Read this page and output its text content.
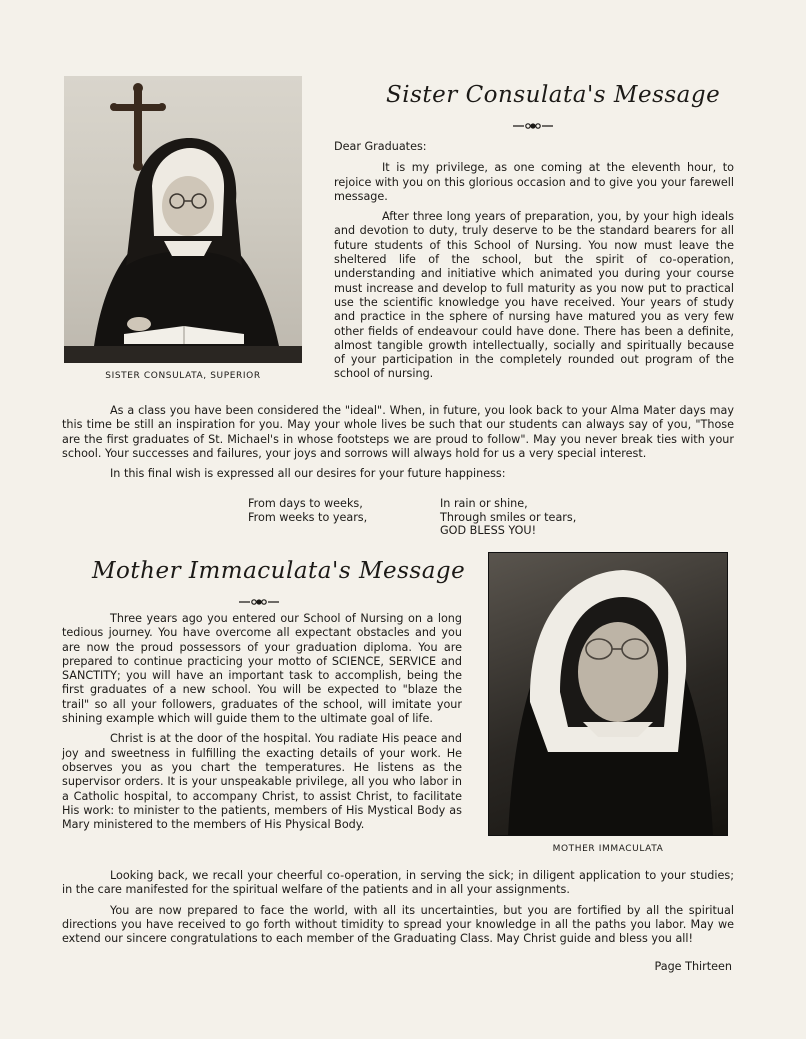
SISTER CONSULATA, SUPERIOR
Sister Consulata's Message

Dear Graduates:

It is my privilege, as one coming at the eleventh hour, to rejoice with you on this glorious occasion and to give you your farewell message.

After three long years of preparation, you, by your high ideals and devotion to duty, truly deserve to be the standard bearers for all future students of this School of Nursing. You now must leave the sheltered life of the school, but the spirit of co-operation, understanding and initiative which animated you during your course must increase and develop to full maturity as you now put to practical use the scientific knowledge you have received. Your years of study and practice in the sphere of nursing have matured you as very few other fields of endeavour could have done. There has been a definite, almost tangible growth intellectually, socially and spiritually because of your participation in the completely rounded out program of the school of nursing.

As a class you have been considered the "ideal". When, in future, you look back to your Alma Mater days may this time be still an inspiration for you. May your whole lives be such that our students can always say of you, "Those are the first graduates of St. Michael's in whose footsteps we are proud to follow". May you never break ties with your school. Your successes and failures, your joys and sorrows will always hold for us a very special interest.

In this final wish is expressed all our desires for your future happiness:

From days to weeks,
From weeks to years,
In rain or shine,
Through smiles or tears,
GOD BLESS YOU!
Mother Immaculata's Message
MOTHER IMMACULATA

Three years ago you entered our School of Nursing on a long tedious journey. You have overcome all expectant obstacles and you are now the proud possessors of your graduation diploma. You are prepared to continue practicing your motto of SCIENCE, SERVICE and SANCTITY; you will have an important task to accomplish, being the first graduates of a new school. You will be expected to "blaze the trail" so all your followers, graduates of the school, will imitate your shining example which will guide them to the ultimate goal of life.

Christ is at the door of the hospital. You radiate His peace and joy and sweetness in fulfilling the exacting details of your work. He observes you as you chart the temperatures. He listens as the supervisor orders. It is your unspeakable privilege, all you who labor in a Catholic hospital, to accompany Christ, to assist Christ, to facilitate His work: to minister to the patients, members of His Mystical Body as Mary ministered to the members of His Physical Body.

Looking back, we recall your cheerful co-operation, in serving the sick; in diligent application to your studies; in the care manifested for the spiritual welfare of the patients and in all your assignments.

You are now prepared to face the world, with all its uncertainties, but you are fortified by all the spiritual directions you have received to go forth without timidity to spread your knowledge in all the paths you labor. May we extend our sincere congratulations to each member of the Graduating Class. May Christ guide and bless you all!

Page Thirteen
